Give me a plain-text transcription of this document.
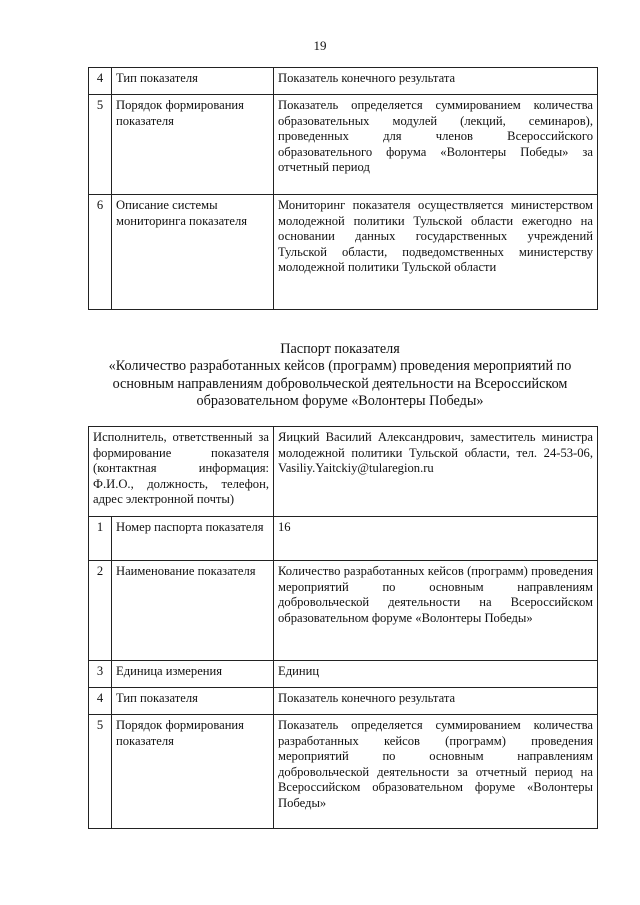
19
4	Тип показателя	Показатель конечного результата
5	Порядок формирования показателя	Показатель определяется суммированием количества образовательных модулей (лекций, семинаров), проведенных для членов Всероссийского образовательного форума «Волонтеры Победы» за отчетный период
6	Описание системы мониторинга показателя	Мониторинг показателя осуществляется министерством молодежной политики Тульской области ежегодно на основании данных государственных учреждений Тульской области, подведомственных министерству молодежной политики Тульской области
Паспорт показателя
«Количество разработанных кейсов (программ) проведения мероприятий по
основным направлениям добровольческой деятельности на Всероссийском
образовательном форуме «Волонтеры Победы»
Исполнитель, ответственный за формирование показателя (контактная информация: Ф.И.О., должность, телефон, адрес электронной почты)		Яицкий Василий Александрович, заместитель министра молодежной политики Тульской области, тел. 24-53-06, Vasiliy.Yaitckiy@tularegion.ru
1	Номер паспорта показателя	16
2	Наименование показателя	Количество разработанных кейсов (программ) проведения мероприятий по основным направлениям добровольческой деятельности на Всероссийском образовательном форуме «Волонтеры Победы»
3	Единица измерения	Единиц
4	Тип показателя	Показатель конечного результата
5	Порядок формирования показателя	Показатель определяется суммированием количества разработанных кейсов (программ) проведения мероприятий по основным направлениям добровольческой деятельности за отчетный период на Всероссийском образовательном форуме «Волонтеры Победы»
